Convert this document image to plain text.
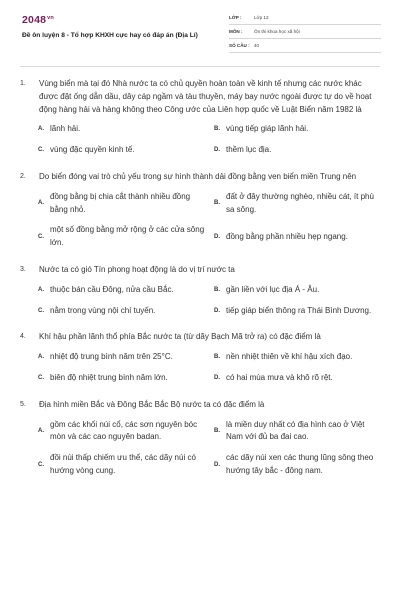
$2048^{vn}$
Đề ôn luyện 8 - Tổ hợp KHXH cực hay có đáp án (Địa Lí)
LỚP :	Lớp 12
MÔN :	Ôn thi khoa học xã hội
SỐ CÂU : 40
1.	Vùng biển mà tại đó Nhà nước ta có chủ quyền hoàn toàn về kinh tế nhưng các nước khác được đặt ống dẫn dầu, dây cáp ngầm và tàu thuyền, máy bay nước ngoài được tự do về hoạt động hàng hải và hàng không theo Công ước của Liên hợp quốc về Luật Biển năm 1982 là
A. lãnh hải.	B. vùng tiếp giáp lãnh hải.
C. vùng đặc quyền kinh tế.	D. thềm lục địa.
2.	Do biển đóng vai trò chủ yếu trong sự hình thành dải đồng bằng ven biển miền Trung nên
A.
đồng bằng bị chia cắt thành nhiều đồng bằng nhỏ.
B.
đất ở đây thường nghèo, nhiều cát, ít phù sa sông.
C.
một số đồng bằng mở rộng ở các cửa sông lớn.
D. đồng bằng phần nhiều hẹp ngang.
3.	Nước ta có gió Tín phong hoạt động là do vị trí nước ta
A. thuộc bán cầu Đông, nửa cầu Bắc.	B. gần liền với lục địa Á - Âu.
C. nằm trong vùng nội chí tuyến.	D. tiếp giáp biển thông ra Thái Bình Dương.
4.	Khí hậu phần lãnh thổ phía Bắc nước ta (từ dãy Bạch Mã trở ra) có đặc điểm là
A. nhiệt độ trung bình năm trên 25°C.	B. nền nhiệt thiên về khí hậu xích đạo.
C. biên độ nhiệt trung bình năm lớn.	D. có hai mùa mưa và khô rõ rệt.
5.	Địa hình miền Bắc và Đông Bắc Bắc Bộ nước ta có đặc điểm là
A.
gồm các khối núi cổ, các sơn nguyên bóc mòn và các cao nguyên badan.
B.
là miền duy nhất có địa hình cao ở Việt Nam với đủ ba đai cao.
C.
đồi núi thấp chiếm ưu thế, các dãy núi có hướng vòng cung.
D.
các dãy núi xen các thung lũng sông theo hướng tây bắc - đông nam.
